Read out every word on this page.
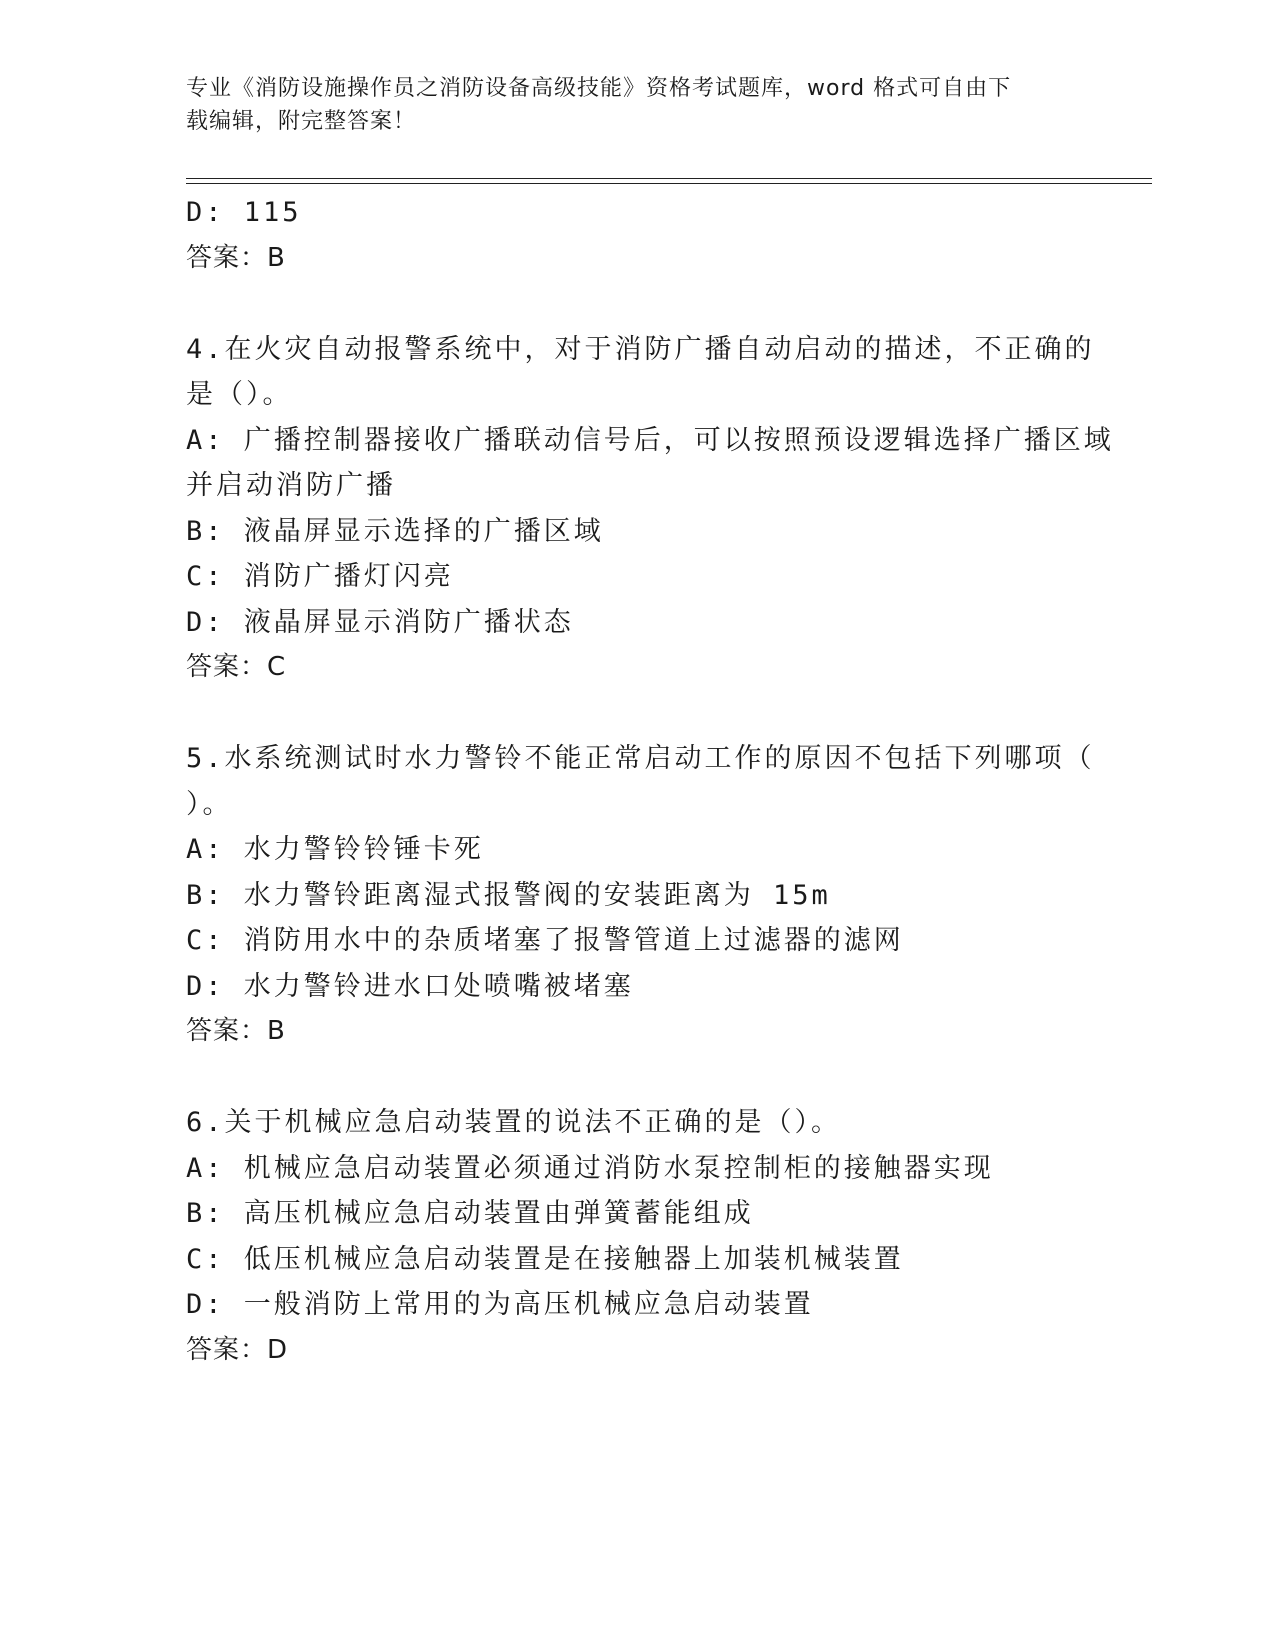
专业《消防设施操作员之消防设备高级技能》资格考试题库，word 格式可自由下
载编辑，附完整答案！
D: 115
答案：B
4.在火灾自动报警系统中，对于消防广播自动启动的描述，不正确的
是（）。
A: 广播控制器接收广播联动信号后，可以按照预设逻辑选择广播区域
并启动消防广播
B: 液晶屏显示选择的广播区域
C: 消防广播灯闪亮
D: 液晶屏显示消防广播状态
答案：C
5.水系统测试时水力警铃不能正常启动工作的原因不包括下列哪项（
）。
A: 水力警铃铃锤卡死
B: 水力警铃距离湿式报警阀的安装距离为 15m
C: 消防用水中的杂质堵塞了报警管道上过滤器的滤网
D: 水力警铃进水口处喷嘴被堵塞
答案：B
6.关于机械应急启动装置的说法不正确的是（）。
A: 机械应急启动装置必须通过消防水泵控制柜的接触器实现
B: 高压机械应急启动装置由弹簧蓄能组成
C: 低压机械应急启动装置是在接触器上加装机械装置
D: 一般消防上常用的为高压机械应急启动装置
答案：D
